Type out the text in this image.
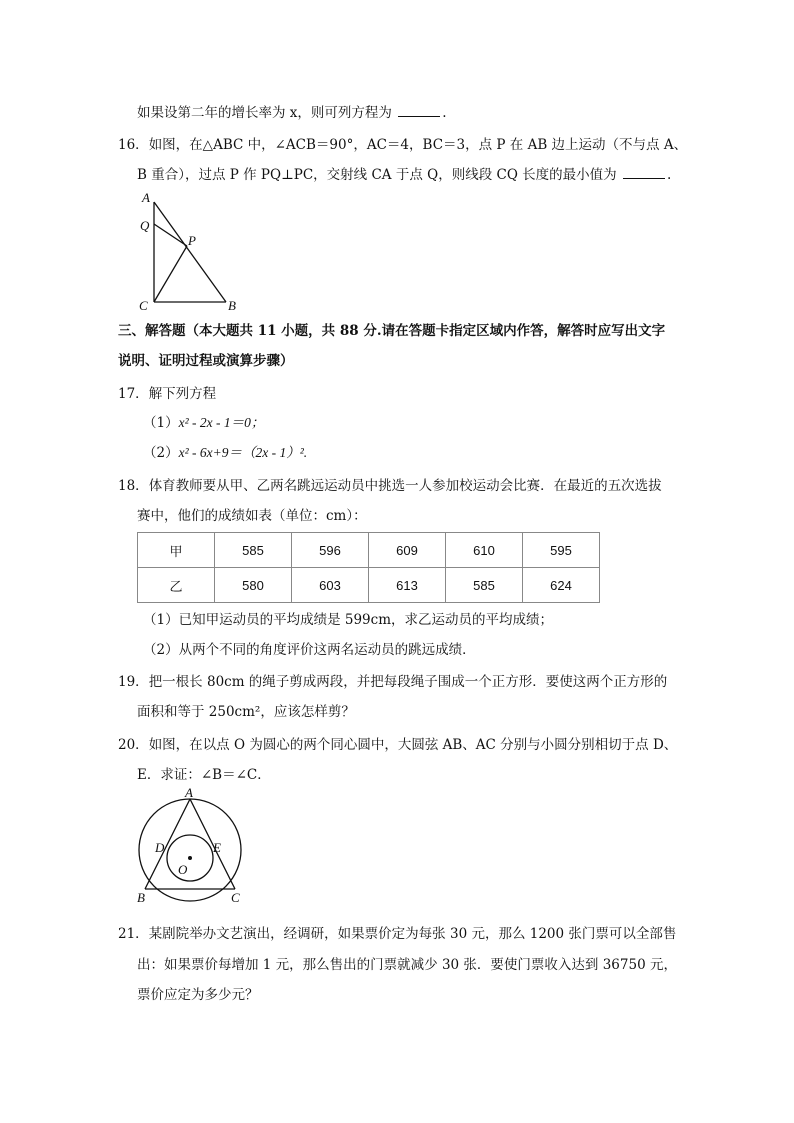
如果设第二年的增长率为 x，则可列方程为	.
16．如图，在△ABC 中，∠ACB＝90°，AC＝4，BC＝3，点 P 在 AB 边上运动（不与点 A、
B 重合），过点 P 作 PQ⊥PC，交射线 CA 于点 Q，则线段 CQ 长度的最小值为	.
A
Q
P
C	B
三、解答题（本大题共 11 小题，共 88 分.请在答题卡指定区域内作答，解答时应写出文字
说明、证明过程或演算步骤）
17．解下列方程
（1）x² - 2x - 1＝0；
（2）x² - 6x+9＝（2x - 1）².
18．体育教师要从甲、乙两名跳远运动员中挑选一人参加校运动会比赛．在最近的五次选拔
赛中，他们的成绩如表（单位：cm）：
甲	585	596	609	610	595
乙	580	603	613	585	624
（1）已知甲运动员的平均成绩是 599cm，求乙运动员的平均成绩；
（2）从两个不同的角度评价这两名运动员的跳远成绩．
19．把一根长 80cm 的绳子剪成两段，并把每段绳子围成一个正方形．要使这两个正方形的
面积和等于 250cm²，应该怎样剪？
20．如图，在以点 O 为圆心的两个同心圆中，大圆弦 AB、AC 分别与小圆分别相切于点 D、
E．求证：∠B＝∠C．
A
D	E
O
B	C
21．某剧院举办文艺演出，经调研，如果票价定为每张 30 元，那么 1200 张门票可以全部售
出：如果票价每增加 1 元，那么售出的门票就减少 30 张．要使门票收入达到 36750 元，
票价应定为多少元？
